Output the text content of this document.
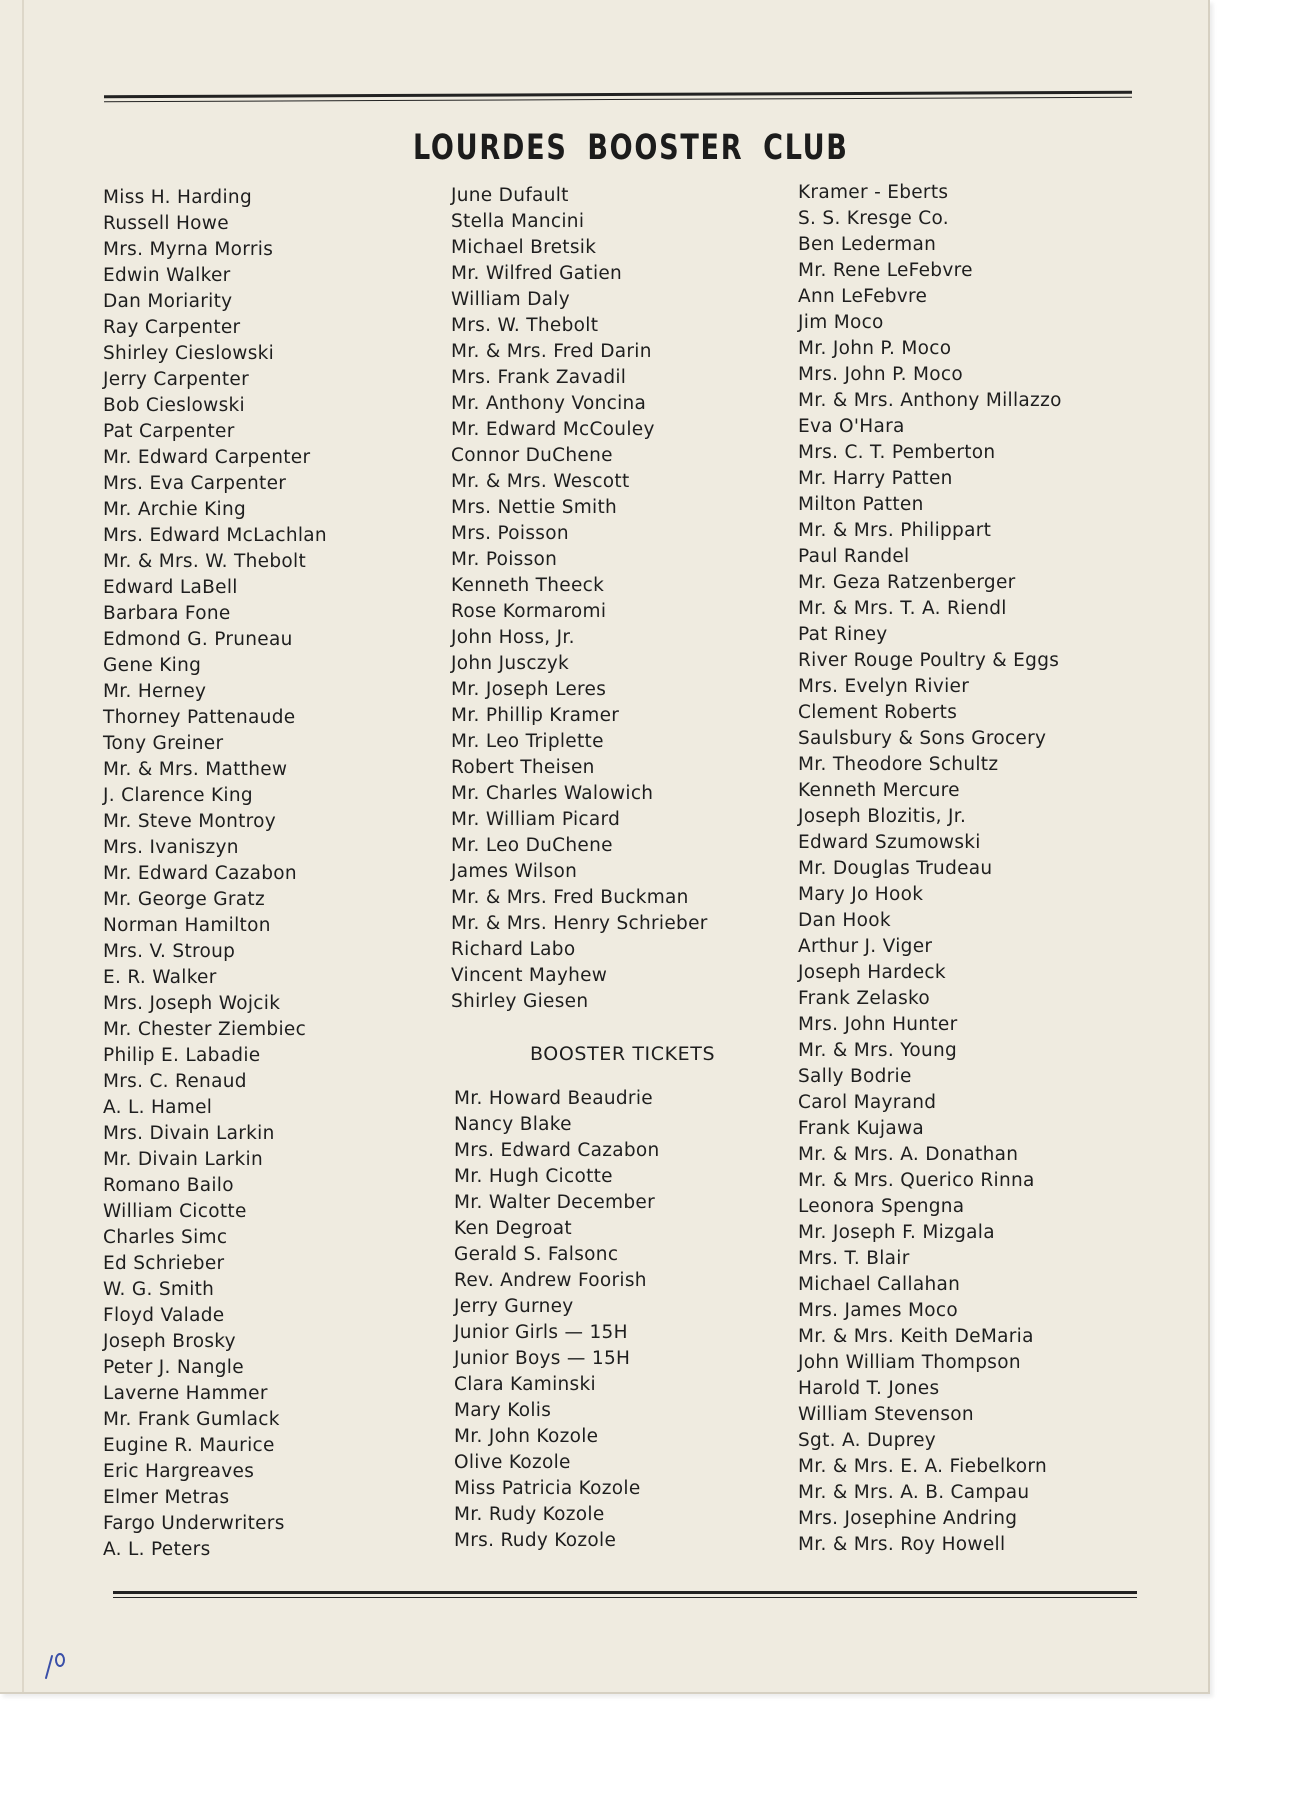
LOURDES BOOSTER CLUB
Miss H. Harding
Russell Howe
Mrs. Myrna Morris
Edwin Walker
Dan Moriarity
Ray Carpenter
Shirley Cieslowski
Jerry Carpenter
Bob Cieslowski
Pat Carpenter
Mr. Edward Carpenter
Mrs. Eva Carpenter
Mr. Archie King
Mrs. Edward McLachlan
Mr. & Mrs. W. Thebolt
Edward LaBell
Barbara Fone
Edmond G. Pruneau
Gene King
Mr. Herney
Thorney Pattenaude
Tony Greiner
Mr. & Mrs. Matthew
J. Clarence King
Mr. Steve Montroy
Mrs. Ivaniszyn
Mr. Edward Cazabon
Mr. George Gratz
Norman Hamilton
Mrs. V. Stroup
E. R. Walker
Mrs. Joseph Wojcik
Mr. Chester Ziembiec
Philip E. Labadie
Mrs. C. Renaud
A. L. Hamel
Mrs. Divain Larkin
Mr. Divain Larkin
Romano Bailo
William Cicotte
Charles Simc
Ed Schrieber
W. G. Smith
Floyd Valade
Joseph Brosky
Peter J. Nangle
Laverne Hammer
Mr. Frank Gumlack
Eugine R. Maurice
Eric Hargreaves
Elmer Metras
Fargo Underwriters
A. L. Peters
June Dufault
Stella Mancini
Michael Bretsik
Mr. Wilfred Gatien
William Daly
Mrs. W. Thebolt
Mr. & Mrs. Fred Darin
Mrs. Frank Zavadil
Mr. Anthony Voncina
Mr. Edward McCouley
Connor DuChene
Mr. & Mrs. Wescott
Mrs. Nettie Smith
Mrs. Poisson
Mr. Poisson
Kenneth Theeck
Rose Kormaromi
John Hoss, Jr.
John Jusczyk
Mr. Joseph Leres
Mr. Phillip Kramer
Mr. Leo Triplette
Robert Theisen
Mr. Charles Walowich
Mr. William Picard
Mr. Leo DuChene
James Wilson
Mr. & Mrs. Fred Buckman
Mr. & Mrs. Henry Schrieber
Richard Labo
Vincent Mayhew
Shirley Giesen
BOOSTER TICKETS
Mr. Howard Beaudrie
Nancy Blake
Mrs. Edward Cazabon
Mr. Hugh Cicotte
Mr. Walter December
Ken Degroat
Gerald S. Falsonc
Rev. Andrew Foorish
Jerry Gurney
Junior Girls — 15H
Junior Boys — 15H
Clara Kaminski
Mary Kolis
Mr. John Kozole
Olive Kozole
Miss Patricia Kozole
Mr. Rudy Kozole
Mrs. Rudy Kozole
Kramer - Eberts
S. S. Kresge Co.
Ben Lederman
Mr. Rene LeFebvre
Ann LeFebvre
Jim Moco
Mr. John P. Moco
Mrs. John P. Moco
Mr. & Mrs. Anthony Millazzo
Eva O'Hara
Mrs. C. T. Pemberton
Mr. Harry Patten
Milton Patten
Mr. & Mrs. Philippart
Paul Randel
Mr. Geza Ratzenberger
Mr. & Mrs. T. A. Riendl
Pat Riney
River Rouge Poultry & Eggs
Mrs. Evelyn Rivier
Clement Roberts
Saulsbury & Sons Grocery
Mr. Theodore Schultz
Kenneth Mercure
Joseph Blozitis, Jr.
Edward Szumowski
Mr. Douglas Trudeau
Mary Jo Hook
Dan Hook
Arthur J. Viger
Joseph Hardeck
Frank Zelasko
Mrs. John Hunter
Mr. & Mrs. Young
Sally Bodrie
Carol Mayrand
Frank Kujawa
Mr. & Mrs. A. Donathan
Mr. & Mrs. Querico Rinna
Leonora Spengna
Mr. Joseph F. Mizgala
Mrs. T. Blair
Michael Callahan
Mrs. James Moco
Mr. & Mrs. Keith DeMaria
John William Thompson
Harold T. Jones
William Stevenson
Sgt. A. Duprey
Mr. & Mrs. E. A. Fiebelkorn
Mr. & Mrs. A. B. Campau
Mrs. Josephine Andring
Mr. & Mrs. Roy Howell
